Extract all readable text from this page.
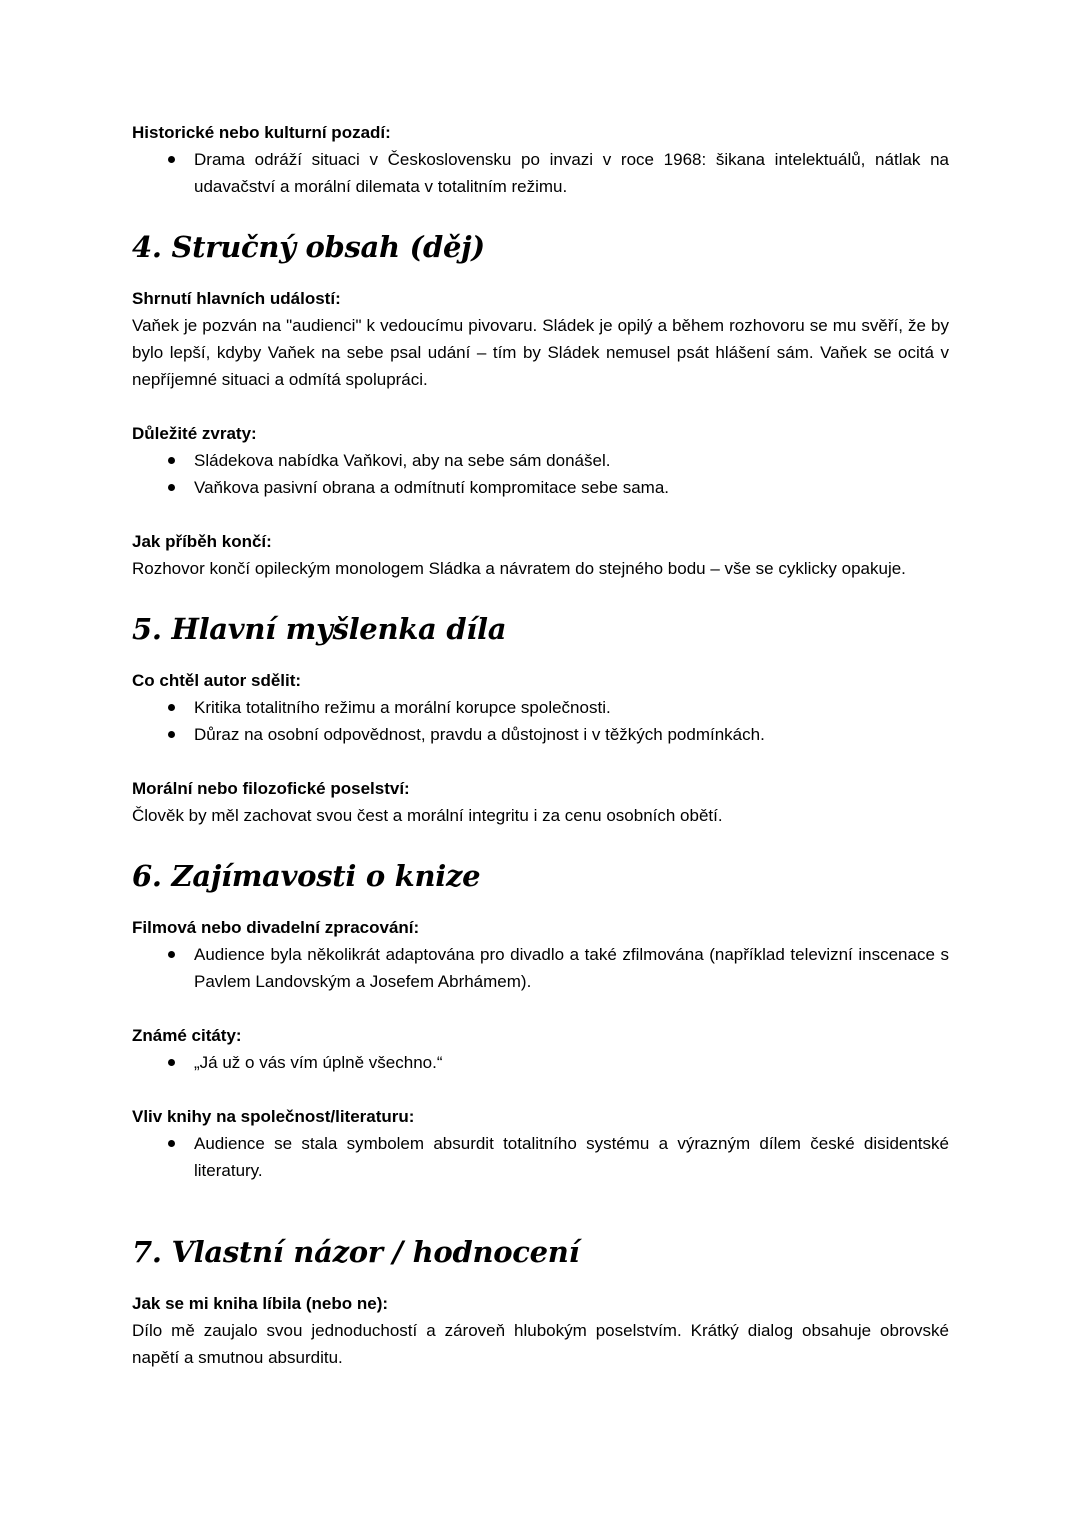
Historické nebo kulturní pozadí:
Drama odráží situaci v Československu po invazi v roce 1968: šikana intelektuálů, nátlak na udavačství a morální dilemata v totalitním režimu.
4. Stručný obsah (děj)
Shrnutí hlavních událostí:

Vaňek je pozván na "audienci" k vedoucímu pivovaru. Sládek je opilý a během rozhovoru se mu svěří, že by bylo lepší, kdyby Vaňek na sebe psal udání – tím by Sládek nemusel psát hlášení sám. Vaňek se ocitá v nepříjemné situaci a odmítá spolupráci.

Důležité zvraty:
Sládekova nabídka Vaňkovi, aby na sebe sám donášel.
Vaňkova pasivní obrana a odmítnutí kompromitace sebe sama.
Jak příběh končí:

Rozhovor končí opileckým monologem Sládka a návratem do stejného bodu – vše se cyklicky opakuje.

5. Hlavní myšlenka díla
Co chtěl autor sdělit:
Kritika totalitního režimu a morální korupce společnosti.
Důraz na osobní odpovědnost, pravdu a důstojnost i v těžkých podmínkách.
Morální nebo filozofické poselství:

Člověk by měl zachovat svou čest a morální integritu i za cenu osobních obětí.

6. Zajímavosti o knize
Filmová nebo divadelní zpracování:
Audience byla několikrát adaptována pro divadlo a také zfilmována (například televizní inscenace s Pavlem Landovským a Josefem Abrhámem).
Známé citáty:
„Já už o vás vím úplně všechno.“
Vliv knihy na společnost/literaturu:
Audience se stala symbolem absurdit totalitního systému a výrazným dílem české disidentské literatury.
7. Vlastní názor / hodnocení
Jak se mi kniha líbila (nebo ne):

Dílo mě zaujalo svou jednoduchostí a zároveň hlubokým poselstvím. Krátký dialog obsahuje obrovské napětí a smutnou absurditu.
